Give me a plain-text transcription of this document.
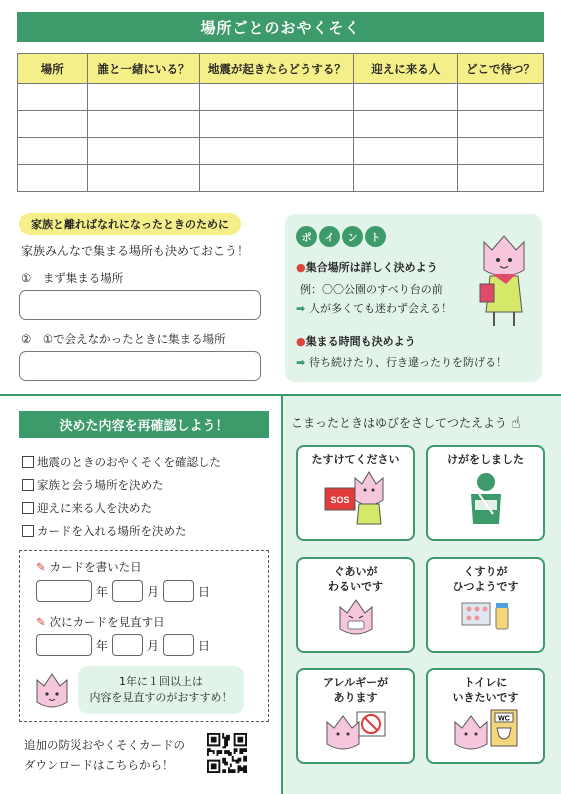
場所ごとのおやくそく
場所	誰と一緒にいる？	地震が起きたらどうする？	迎えに来る人	どこで待つ？

家族と離ればなれになったときのために
家族みんなで集まる場所も決めておこう！
①　まず集まる場所
②　①で会えなかったときに集まる場所
ポ	イ	ン	ト
●集合場所は詳しく決めよう
例：〇〇公園のすべり台の前
➡ 人が多くても迷わず会える！
●集まる時間も決めよう
➡ 待ち続けたり、行き違ったりを防げる！
決めた内容を再確認しよう！
地震のときのおやくそくを確認した
家族と会う場所を決めた
迎えに来る人を決めた
カードを入れる場所を決めた
✎ カードを書いた日
年	月	日
✎ 次にカードを見直す日
年	月	日
1年に１回以上は
内容を見直すのがおすすめ！
追加の防災おやくそくカードの
ダウンロードはこちらから！
こまったときはゆびをさしてつたえよう ☝
たすけてください
SOS
けがをしました
ぐあいが
わるいです
くすりが
ひつようです
アレルギーが
あります
トイレに
いきたいです
WC
